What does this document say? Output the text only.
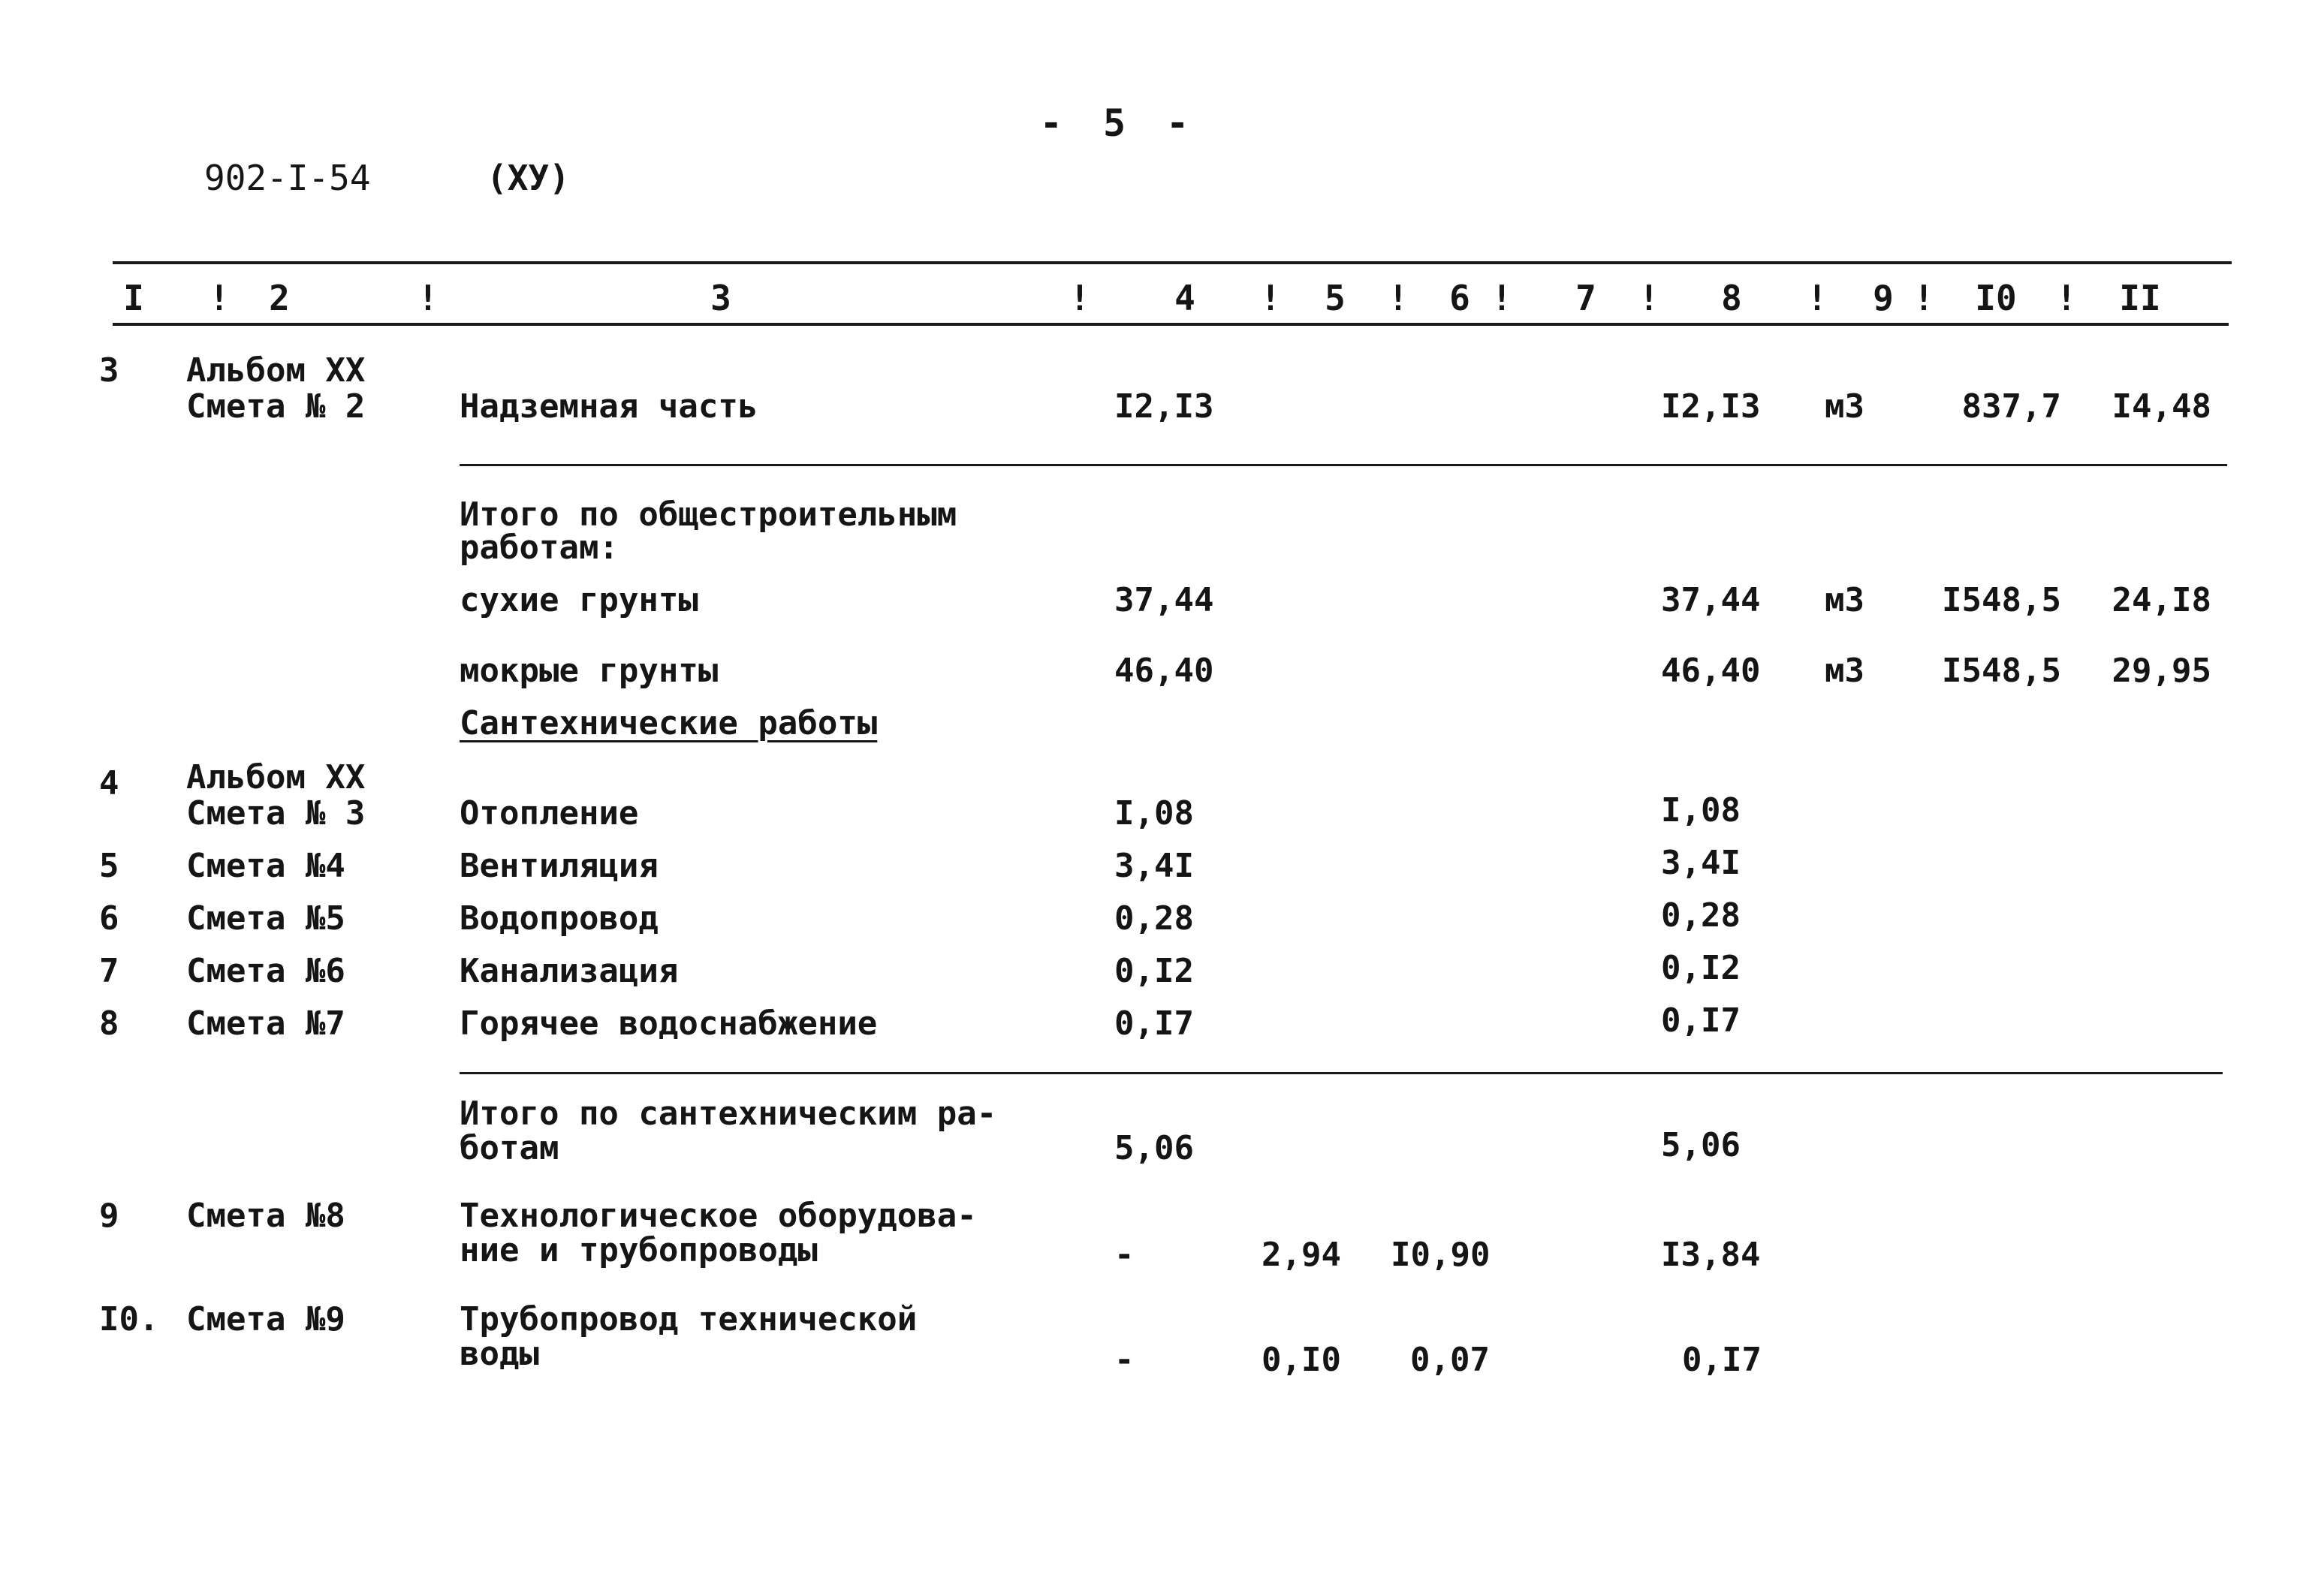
- 5 -
902-I-54	(XУ)
I ! 2	!	3	! 4 ! 5 ! 6 ! 7 ! 8 ! 9 ! I0 ! II
3 Альбом XX
Смета № 2	Надземная часть	I2,I3	I2,I3 м3	837,7 I4,48
Итого по общестроительным
работам:
сухие грунты	37,44	37,44 м3 I548,5 24,I8
мокрые грунты	46,40	46,40 м3 I548,5 29,95
Сантехнические работы
4 Альбом XX
Смета № 3	Отопление	I,08	I,08
5 Смета №4	Вентиляция	3,4I	3,4I
6 Смета №5	Водопровод	0,28	0,28
7 Смета №6	Канализация	0,I2	0,I2
8 Смета №7	Горячее водоснабжение	0,I7	0,I7
Итого по сантехническим ра-
ботам	5,06	5,06
9 Смета №8	Технологическое оборудова-
ние и трубопроводы	-	2,94 I0,90	I3,84
I0. Смета №9	Трубопровод технической
воды	-	0,I0 0,07	0,I7
